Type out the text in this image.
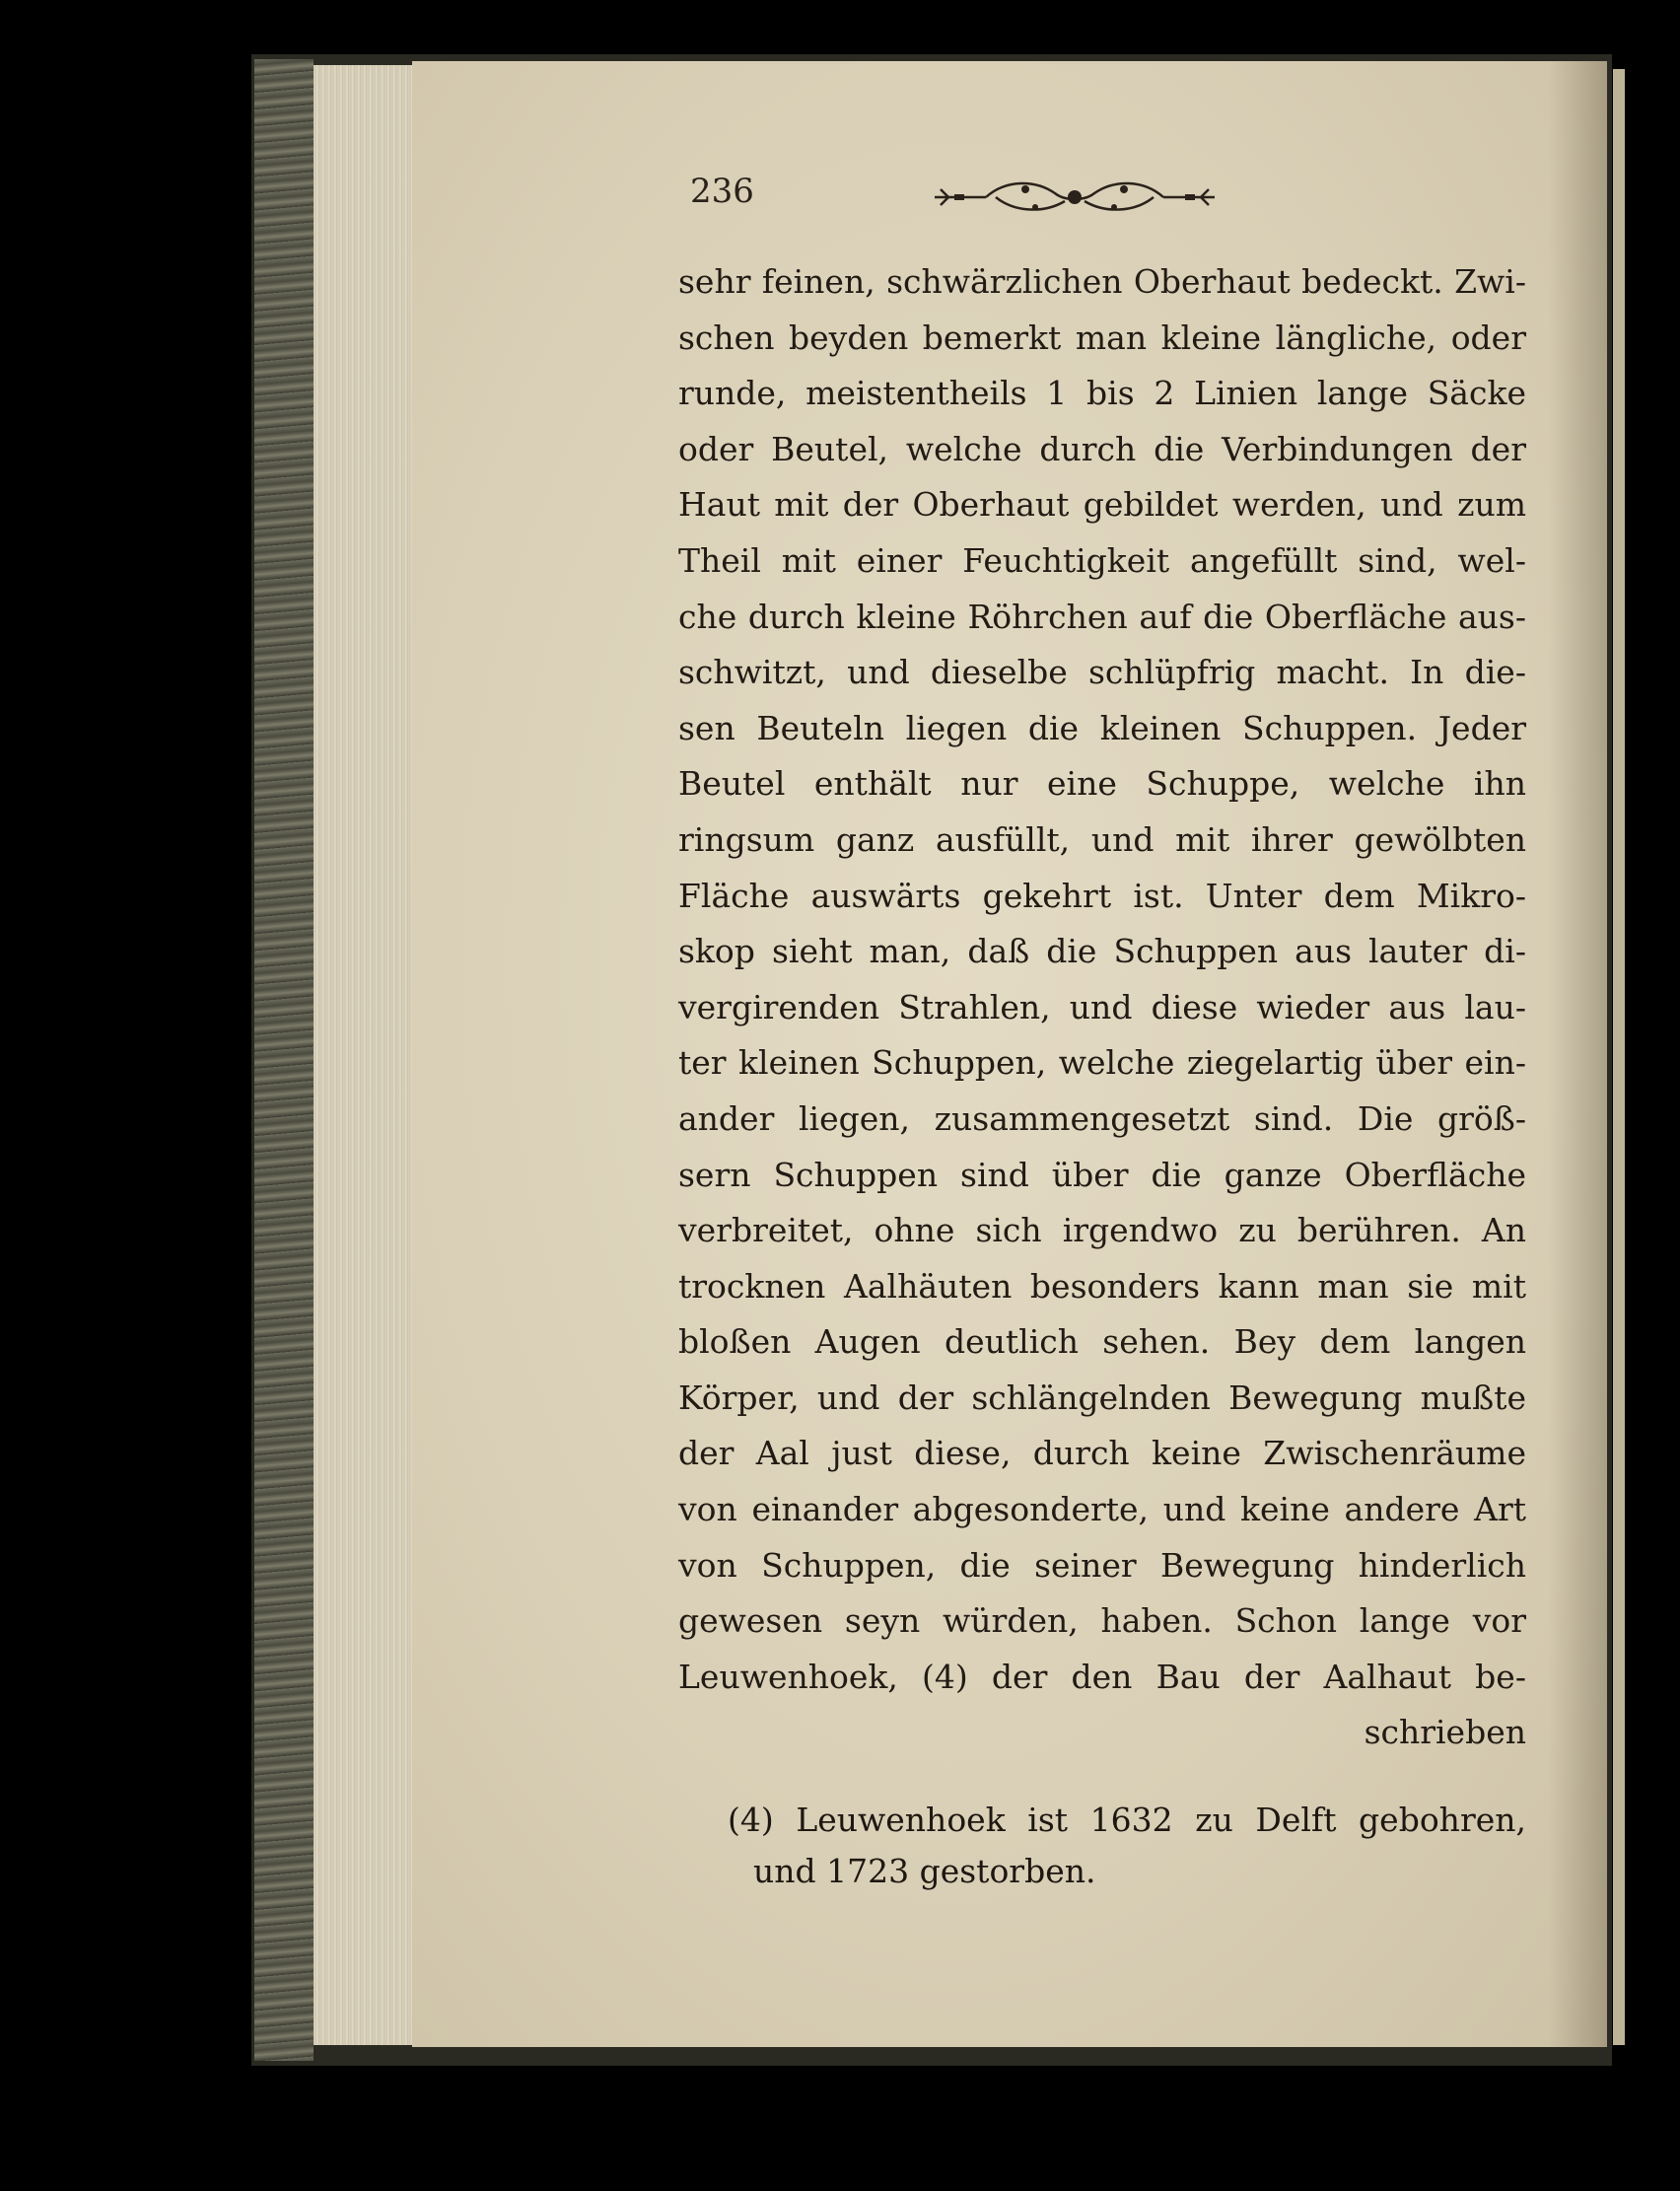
236
sehr feinen, schwärzlichen Oberhaut bedeckt. Zwi-
schen beyden bemerkt man kleine längliche, oder
runde, meistentheils 1 bis 2 Linien lange Säcke
oder Beutel, welche durch die Verbindungen der
Haut mit der Oberhaut gebildet werden, und zum
Theil mit einer Feuchtigkeit angefüllt sind, wel-
che durch kleine Röhrchen auf die Oberfläche aus-
schwitzt, und dieselbe schlüpfrig macht. In die-
sen Beuteln liegen die kleinen Schuppen. Jeder
Beutel enthält nur eine Schuppe, welche ihn
ringsum ganz ausfüllt, und mit ihrer gewölbten
Fläche auswärts gekehrt ist. Unter dem Mikro-
skop sieht man, daß die Schuppen aus lauter di-
vergirenden Strahlen, und diese wieder aus lau-
ter kleinen Schuppen, welche ziegelartig über ein-
ander liegen, zusammengesetzt sind. Die größ-
sern Schuppen sind über die ganze Oberfläche
verbreitet, ohne sich irgendwo zu berühren. An
trocknen Aalhäuten besonders kann man sie mit
bloßen Augen deutlich sehen. Bey dem langen
Körper, und der schlängelnden Bewegung mußte
der Aal just diese, durch keine Zwischenräume
von einander abgesonderte, und keine andere Art
von Schuppen, die seiner Bewegung hinderlich
gewesen seyn würden, haben. Schon lange vor
Leuwenhoek, (4) der den Bau der Aalhaut be-
schrieben
(4) Leuwenhoek ist 1632 zu Delft gebohren,
und 1723 gestorben.
